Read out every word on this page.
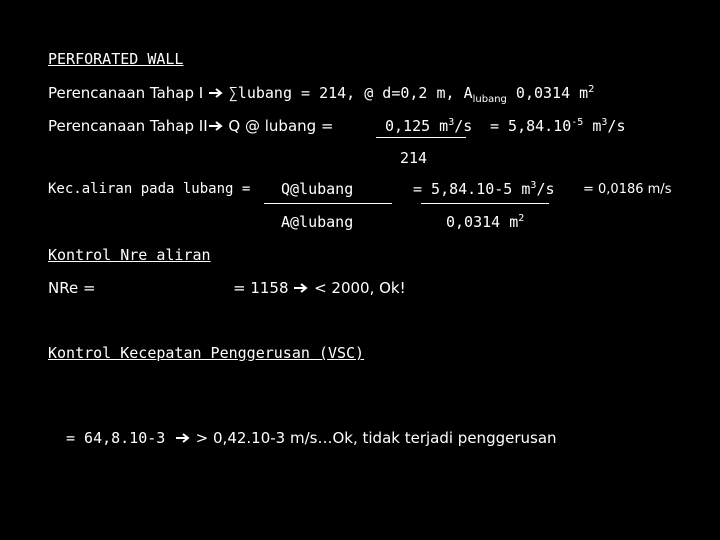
PERFORATED WALL
Perencanaan Tahap I ∑lubang = 214, @ d=0,2 m, $A_{lubang}$ 0,0314 $m^2$
Perencanaan Tahap II Q @ lubang =	0,125 $m^3/s = 5,84.10^{-5}$ $m^3/s$
214
Kec.aliran pada lubang = Q@lubang
A@lubang
= 5,84.10-5 $m^3/s$
0,0314 $m^2$
= 0,0186 m/s
Kontrol Nre aliran
NRe =	= 1158 < 2000, Ok!
Kontrol Kecepatan Penggerusan (VSC)
= 64,8.10-3 > 0,42.10-3 m/s…Ok, tidak terjadi penggerusan
